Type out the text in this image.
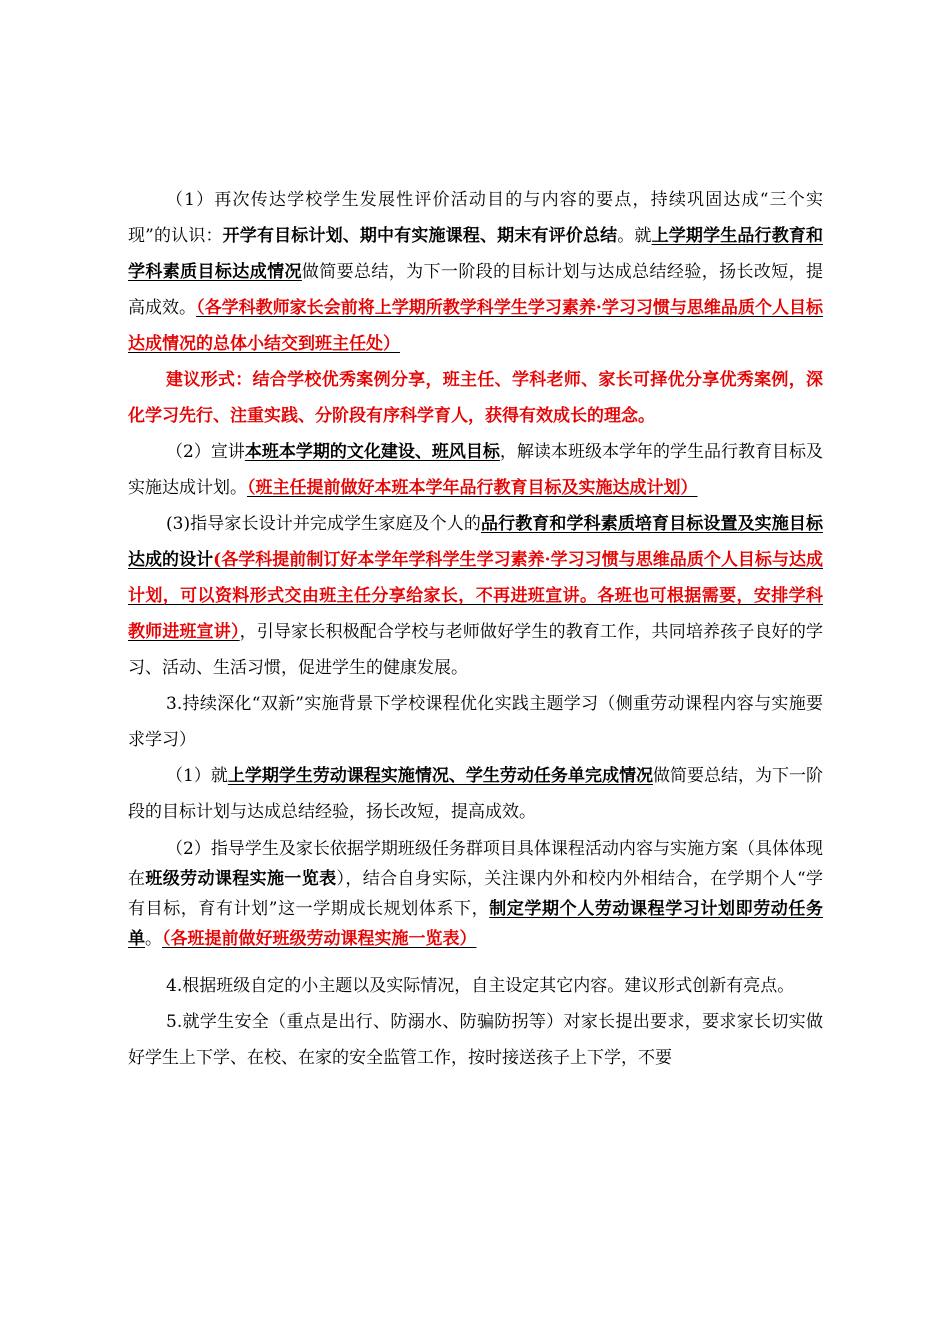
（1）再次传达学校学生发展性评价活动目的与内容的要点，持续巩固达成“三个实现”的认识：开学有目标计划、期中有实施课程、期末有评价总结。就上学期学生品行教育和学科素质目标达成情况做简要总结，为下一阶段的目标计划与达成总结经验，扬长改短，提高成效。（各学科教师家长会前将上学期所教学科学生学习素养·学习习惯与思维品质个人目标达成情况的总体小结交到班主任处）

建议形式：结合学校优秀案例分享，班主任、学科老师、家长可择优分享优秀案例，深化学习先行、注重实践、分阶段有序科学育人，获得有效成长的理念。

（2）宣讲本班本学期的文化建设、班风目标，解读本班级本学年的学生品行教育目标及实施达成计划。（班主任提前做好本班本学年品行教育目标及实施达成计划）

(3)指导家长设计并完成学生家庭及个人的品行教育和学科素质培育目标设置及实施目标达成的设计(各学科提前制订好本学年学科学生学习素养·学习习惯与思维品质个人目标与达成计划，可以资料形式交由班主任分享给家长，不再进班宣讲。各班也可根据需要，安排学科教师进班宣讲），引导家长积极配合学校与老师做好学生的教育工作，共同培养孩子良好的学习、活动、生活习惯，促进学生的健康发展。

3.持续深化“双新”实施背景下学校课程优化实践主题学习（侧重劳动课程内容与实施要求学习）

（1）就上学期学生劳动课程实施情况、学生劳动任务单完成情况做简要总结，为下一阶段的目标计划与达成总结经验，扬长改短，提高成效。

（2）指导学生及家长依据学期班级任务群项目具体课程活动内容与实施方案（具体体现在班级劳动课程实施一览表），结合自身实际，关注课内外和校内外相结合，在学期个人“学有目标，育有计划”这一学期成长规划体系下，制定学期个人劳动课程学习计划即劳动任务单。（各班提前做好班级劳动课程实施一览表）

4.根据班级自定的小主题以及实际情况，自主设定其它内容。建议形式创新有亮点。

5.就学生安全（重点是出行、防溺水、防骗防拐等）对家长提出要求，要求家长切实做好学生上下学、在校、在家的安全监管工作，按时接送孩子上下学，不要
